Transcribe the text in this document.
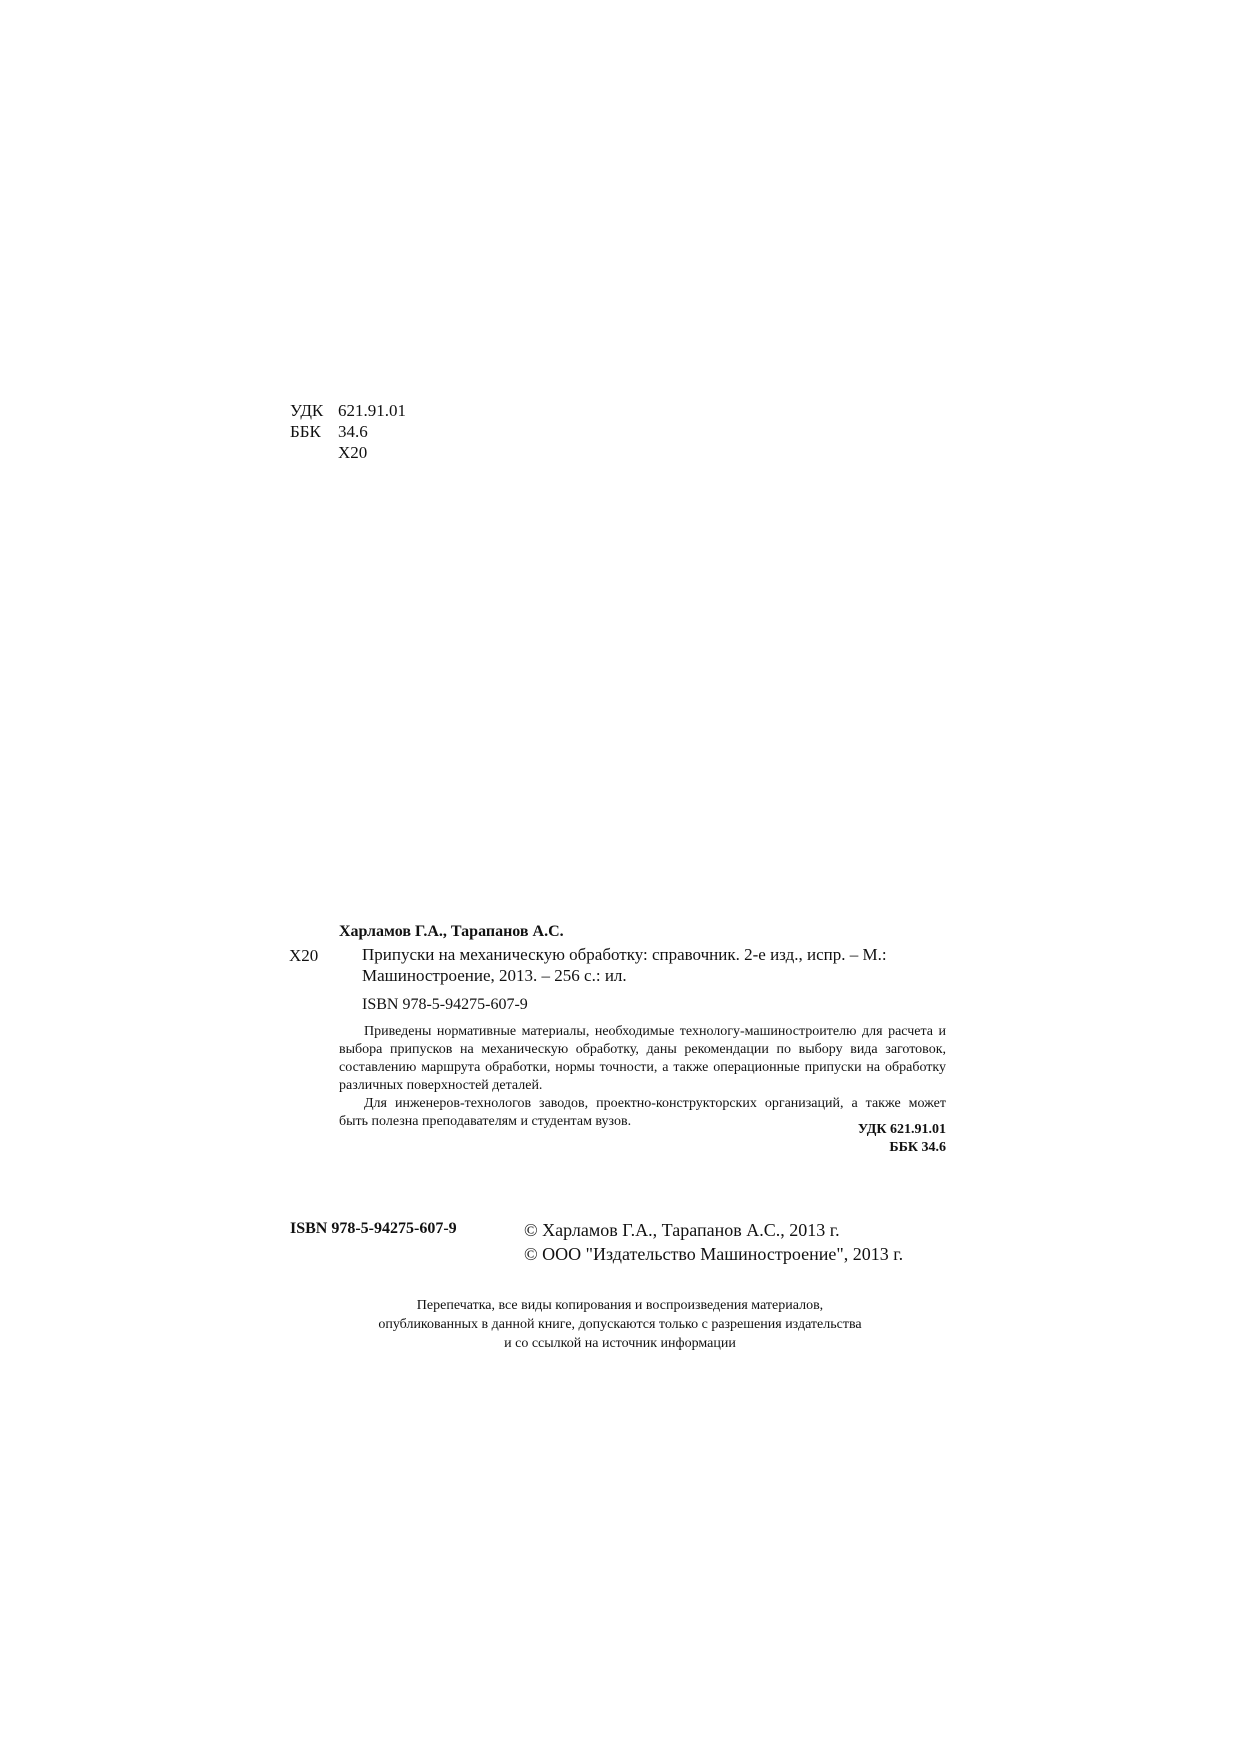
УДК 621.91.01
ББК	34.6
Х20
Харламов Г.А., Тарапанов А.С.
Х20	Припуски на механическую обработку: справочник. 2-е изд., испр. – М.:
Машиностроение, 2013. – 256 с.: ил.
ISBN 978-5-94275-607-9

Приведены нормативные материалы, необходимые технологу-машиностроителю для расчета и выбора припусков на механическую обработку, даны рекомендации по выбору вида заготовок, составлению маршрута обработки, нормы точности, а также операционные припуски на обработку различных поверхностей деталей.

Для инженеров-технологов заводов, проектно-конструкторских организаций, а также может быть полезна преподавателям и студентам вузов.

УДК 621.91.01
ББК 34.6
ISBN 978-5-94275-607-9	© Харламов Г.А., Тарапанов А.С., 2013 г.
© ООО "Издательство Машиностроение", 2013 г.
Перепечатка, все виды копирования и воспроизведения материалов,
опубликованных в данной книге, допускаются только с разрешения издательства
и со ссылкой на источник информации
